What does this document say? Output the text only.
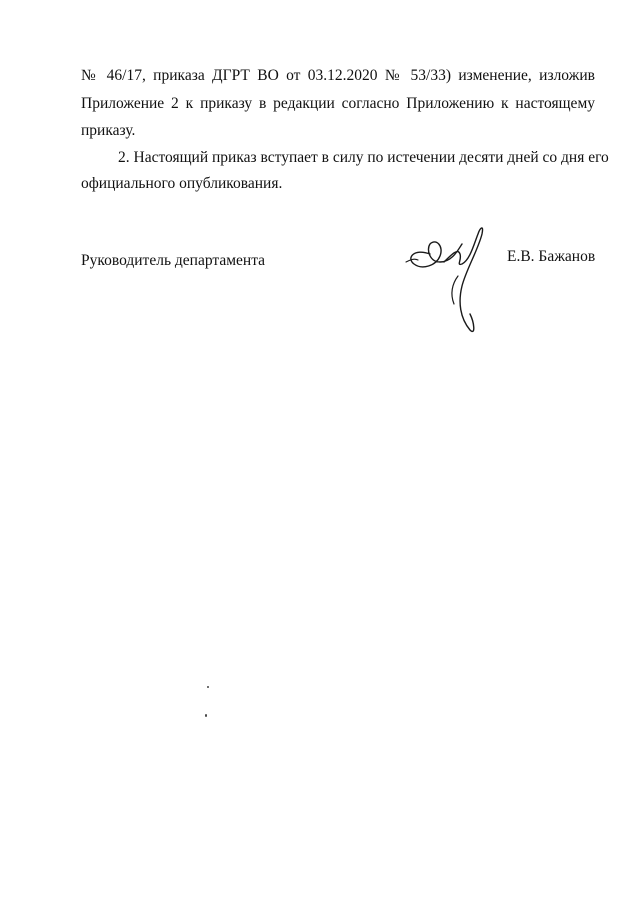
№ 46/17, приказа ДГРТ ВО от 03.12.2020 № 53/33) изменение, изложив
Приложение 2 к приказу в редакции согласно Приложению к настоящему
приказу.
2. Настоящий приказ вступает в силу по истечении десяти дней со дня его
официального опубликования.
Руководитель департамента	Е.В. Бажанов
